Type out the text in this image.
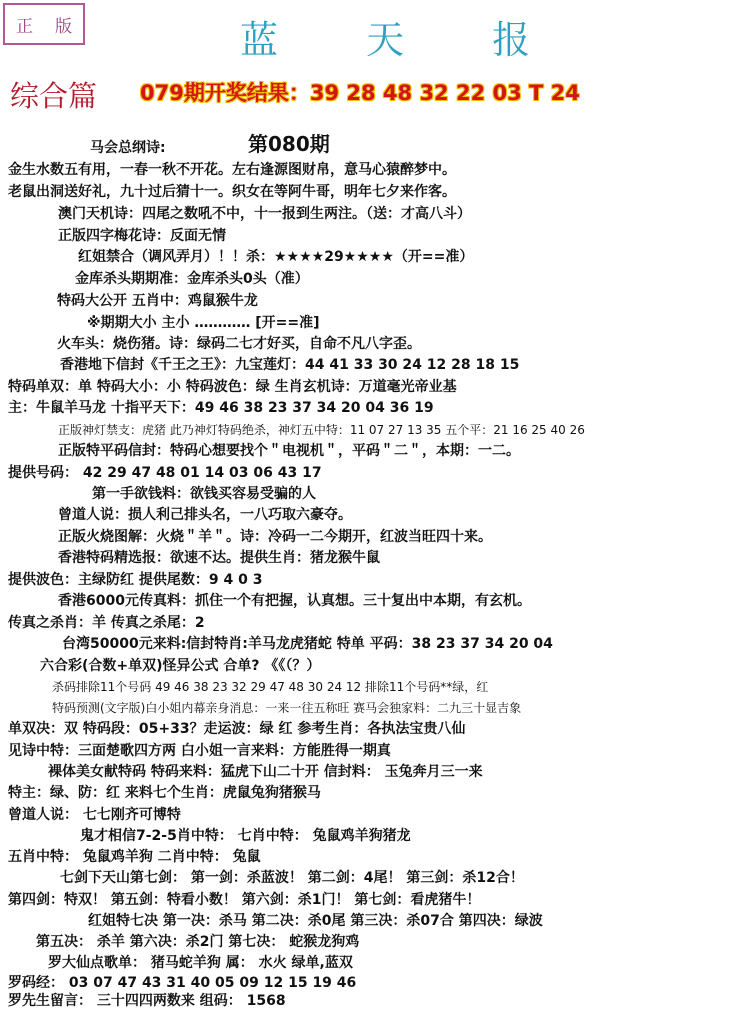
正 版	蓝 天 报
综合篇 079期开奖结果：39 28 48 32 22 03 T 24
第080期
马会总纲诗:
金生水数五有用，一春一秋不开花。左右逢源图财帛，意马心猿醉梦中。
老鼠出洞送好礼，九十过后猜十一。织女在等阿牛哥，明年七夕来作客。
澳门天机诗：四尾之数吼不中，十一报到生两注。（送：才高八斗）
正版四字梅花诗：反面无情
红姐禁合（调风弄月）！！杀：★★★★29★★★★（开==准）
金库杀头期期准：金库杀头0头（准）
特码大公开 五肖中：鸡鼠猴牛龙
※期期大小 主小 ………… [开==准]
火车头：烧伤猪。诗：绿码二七才好买，自命不凡八字歪。
香港地下信封《千王之王》：九宝莲灯：44 41 33 30 24 12 28 18 15
特码单双：单 特码大小：小 特码波色：绿 生肖玄机诗：万道毫光帝业基
主：牛鼠羊马龙 十指平天下：49 46 38 23 37 34 20 04 36 19
正版神灯禁支：虎猪 此乃神灯特码绝杀，神灯五中特：11 07 27 13 35 五个平：21 16 25 40 26
正版特平码信封：特码心想要找个＂电视机＂，平码＂二＂，本期：一二。
提供号码： 42 29 47 48 01 14 03 06 43 17
第一手欲钱料：欲钱买容易受骗的人
曾道人说：损人利己排头名，一八巧取六豪夺。
正版火烧图解：火烧＂羊＂。诗：冷码一二今期开，红波当旺四十来。
香港特码精选报：欲速不达。提供生肖：猪龙猴牛鼠
提供波色：主绿防红 提供尾数：9 4 0 3
香港6000元传真料：抓住一个有把握，认真想。三十复出中本期，有玄机。
传真之杀肖：羊 传真之杀尾：2
台湾50000元来料:信封特肖:羊马龙虎猪蛇 特单 平码：38 23 37 34 20 04
六合彩(合数+单双)怪异公式 合单? 《《（？）
杀码排除11个号码 49 46 38 23 32 29 47 48 30 24 12 排除11个号码**绿，红
特码预测(文字版)白小姐内幕亲身消息：一来一往五称旺 赛马会独家料：二九三十显吉象
单双决：双 特码段：05+33？走运波：绿 红 参考生肖：各执法宝贵八仙
见诗中特：三面楚歌四方两 白小姐一言来料：方能胜得一期真
裸体美女献特码 特码来料：猛虎下山二十开 信封料： 玉兔奔月三一来
特主：绿、防：红 来料七个生肖：虎鼠兔狗猪猴马
曾道人说： 七七刚齐可博特
鬼才相信7-2-5肖中特： 七肖中特： 兔鼠鸡羊狗猪龙
五肖中特： 兔鼠鸡羊狗 二肖中特： 兔鼠
七剑下天山第七剑： 第一剑：杀蓝波！ 第二剑：4尾！ 第三剑：杀12合！
第四剑：特双！ 第五剑：特看小数！ 第六剑：杀1门！ 第七剑：看虎猪牛！
红姐特七决 第一决：杀马 第二决：杀0尾 第三决：杀07合 第四决：绿波
第五决： 杀羊 第六决：杀2门 第七决： 蛇猴龙狗鸡
罗大仙点歌单： 猪马蛇羊狗 属： 水火 绿单,蓝双
罗码经： 03 07 47 43 31 40 05 09 12 15 19 46
罗先生留言： 三十四四两数来 组码： 1568
